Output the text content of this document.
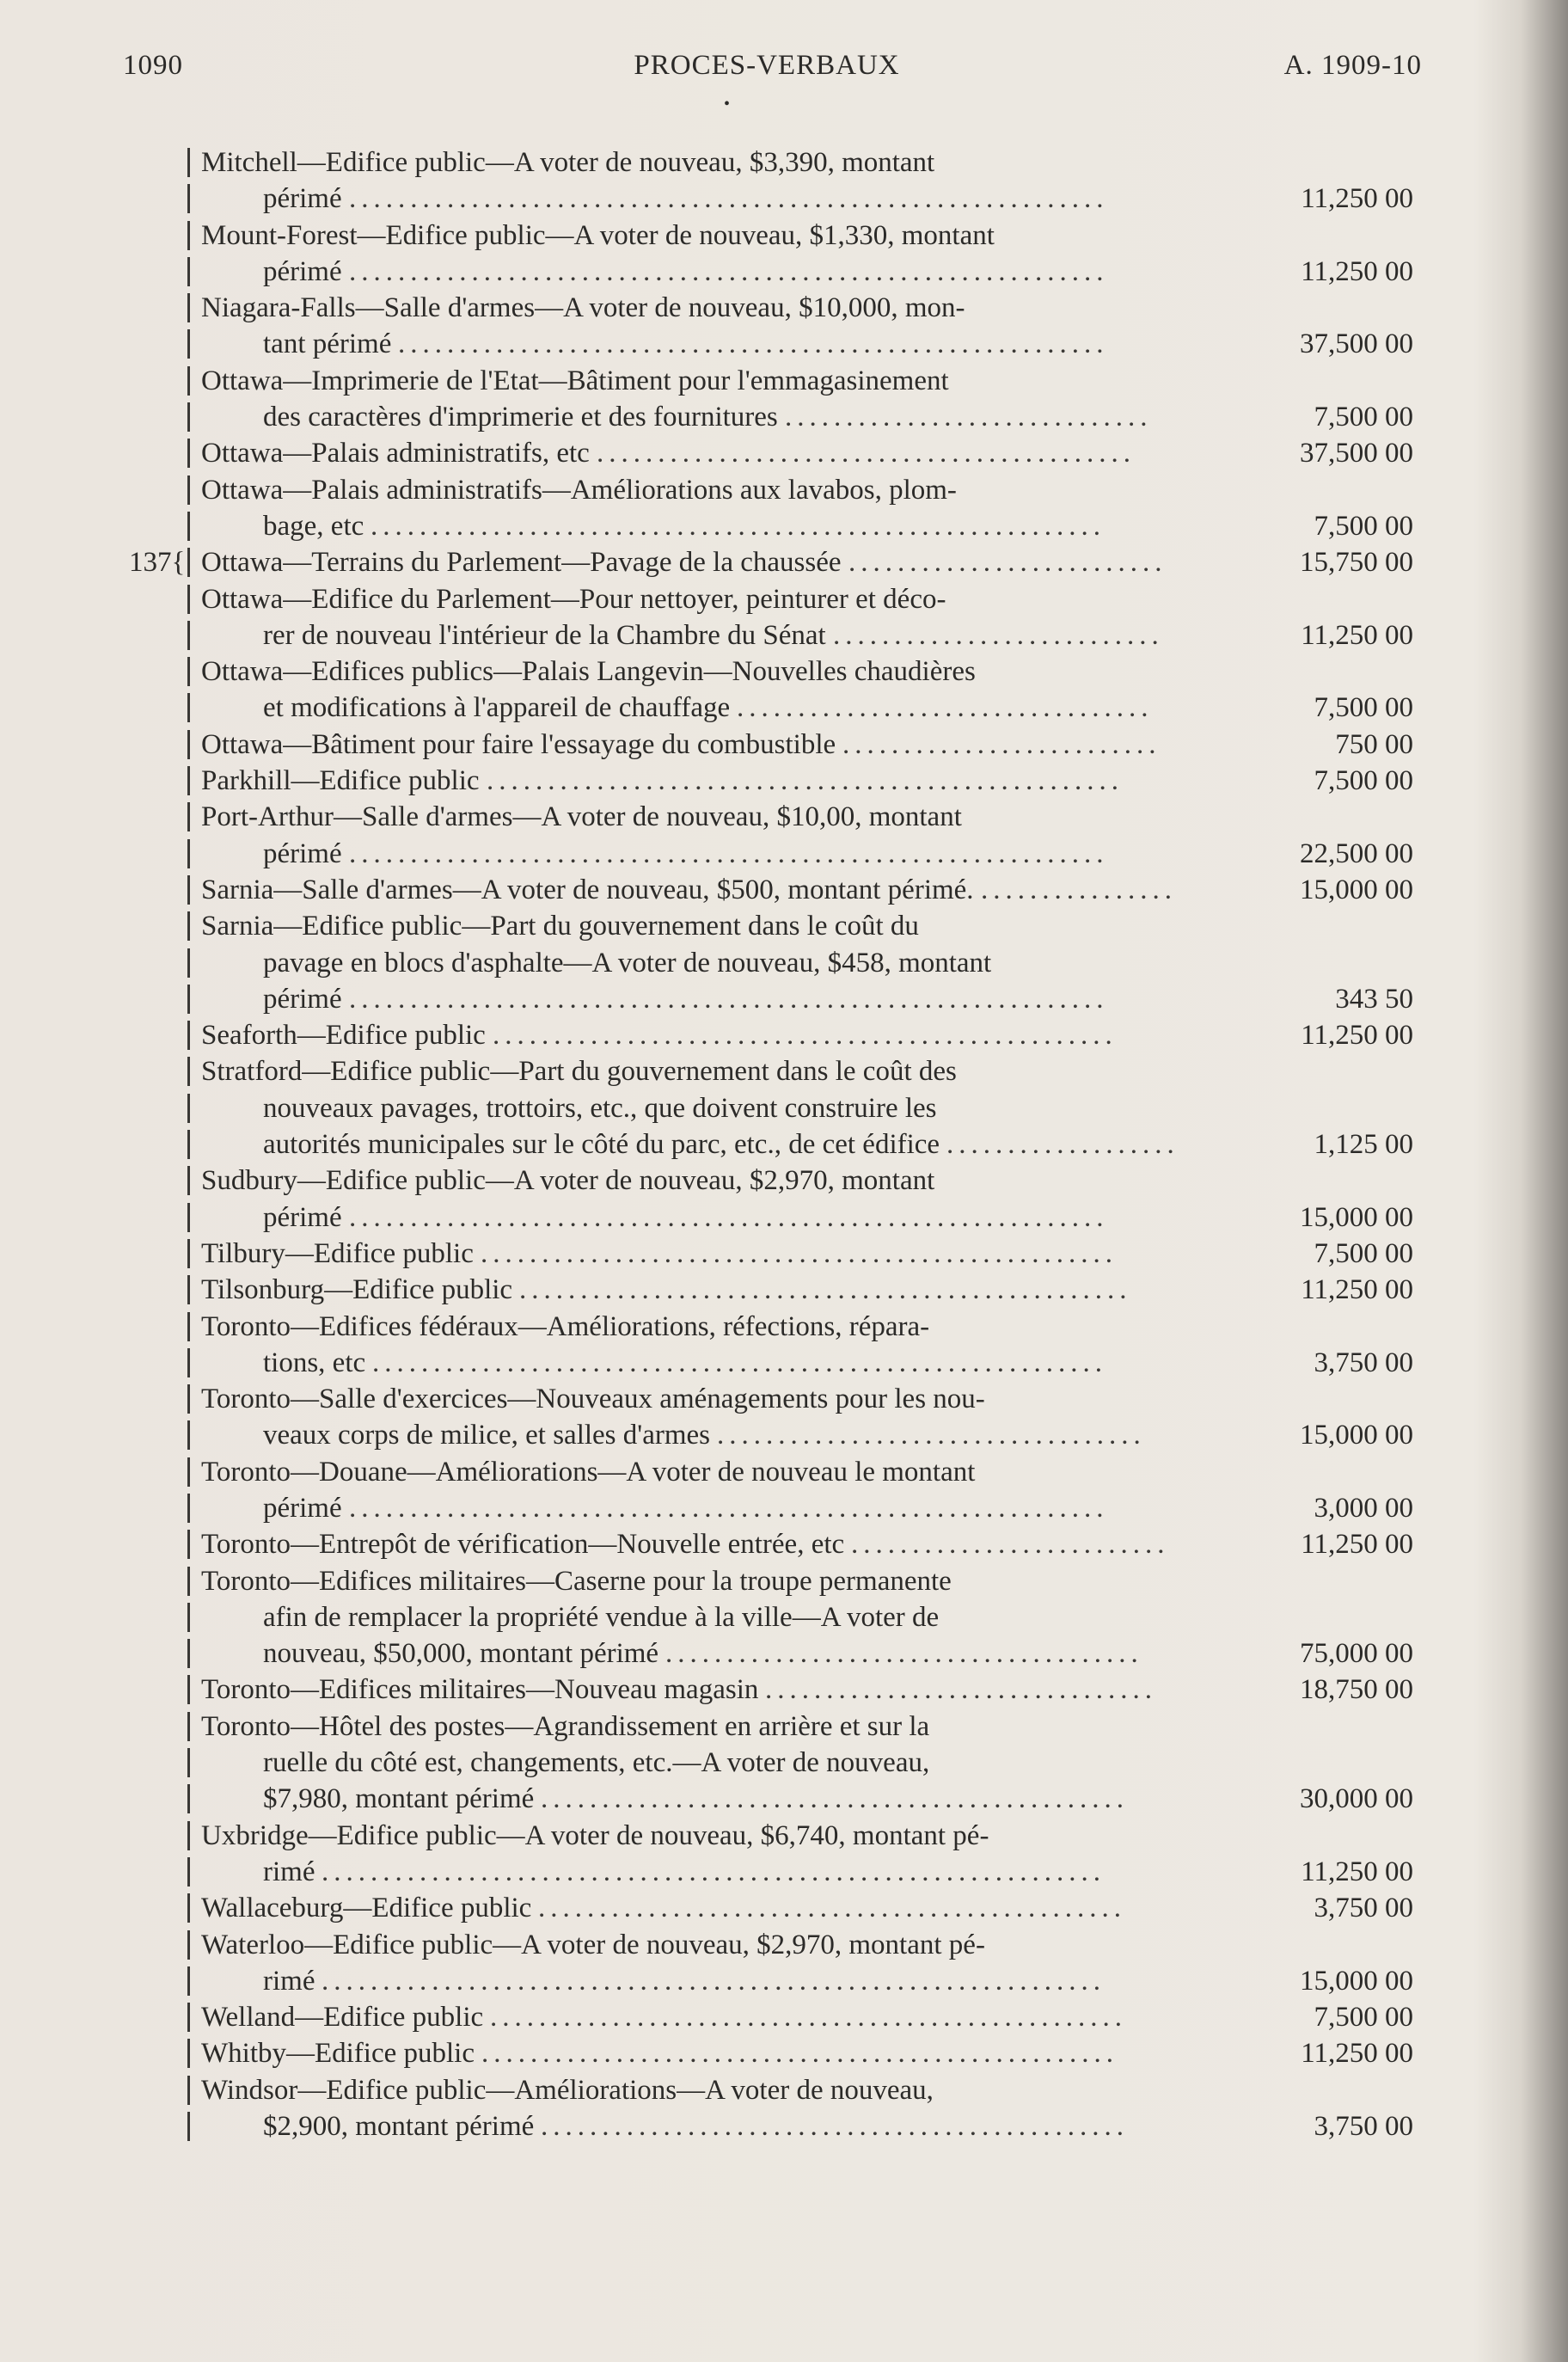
1090	PROCES-VERBAUX	A. 1909-10
•
Mitchell—Edifice public—A voter de nouveau, $3,390, montant
périmé ..............................................................	11,250 00
Mount-Forest—Edifice public—A voter de nouveau, $1,330, montant
périmé ..............................................................	11,250 00
Niagara-Falls—Salle d'armes—A voter de nouveau, $10,000, mon-
tant périmé ..........................................................	37,500 00
Ottawa—Imprimerie de l'Etat—Bâtiment pour l'emmagasinement
des caractères d'imprimerie et des fournitures ..............................	7,500 00
Ottawa—Palais administratifs, etc ............................................	37,500 00
Ottawa—Palais administratifs—Améliorations aux lavabos, plom-
bage, etc ............................................................	7,500 00
Ottawa—Terrains du Parlement—Pavage de la chaussée
137{	..........................	15,750 00
Ottawa—Edifice du Parlement—Pour nettoyer, peinturer et déco-
rer de nouveau l'intérieur de la Chambre du Sénat ...........................	11,250 00
Ottawa—Edifices publics—Palais Langevin—Nouvelles chaudières
et modifications à l'appareil de chauffage ..................................	7,500 00
Ottawa—Bâtiment pour faire l'essayage du combustible ..........................	750 00
Parkhill—Edifice public ....................................................	7,500 00
Port-Arthur—Salle d'armes—A voter de nouveau, $10,00, montant
périmé ..............................................................	22,500 00
Sarnia—Salle d'armes—A voter de nouveau, $500, montant périmé. ................	15,000 00
Sarnia—Edifice public—Part du gouvernement dans le coût du
pavage en blocs d'asphalte—A voter de nouveau, $458, montant
périmé ..............................................................	343 50
Seaforth—Edifice public ...................................................	11,250 00
Stratford—Edifice public—Part du gouvernement dans le coût des
nouveaux pavages, trottoirs, etc., que doivent construire les
autorités municipales sur le côté du parc, etc., de cet édifice ...................	1,125 00
Sudbury—Edifice public—A voter de nouveau, $2,970, montant
périmé ..............................................................	15,000 00
Tilbury—Edifice public ....................................................	7,500 00
Tilsonburg—Edifice public ..................................................	11,250 00
Toronto—Edifices fédéraux—Améliorations, réfections, répara-
tions, etc ............................................................	3,750 00
Toronto—Salle d'exercices—Nouveaux aménagements pour les nou-
veaux corps de milice, et salles d'armes ...................................	15,000 00
Toronto—Douane—Améliorations—A voter de nouveau le montant
périmé ..............................................................	3,000 00
Toronto—Entrepôt de vérification—Nouvelle entrée, etc ..........................	11,250 00
Toronto—Edifices militaires—Caserne pour la troupe permanente
afin de remplacer la propriété vendue à la ville—A voter de
nouveau, $50,000, montant périmé .......................................	75,000 00
Toronto—Edifices militaires—Nouveau magasin ................................	18,750 00
Toronto—Hôtel des postes—Agrandissement en arrière et sur la
ruelle du côté est, changements, etc.—A voter de nouveau,
$7,980, montant périmé ................................................	30,000 00
Uxbridge—Edifice public—A voter de nouveau, $6,740, montant pé-
rimé ................................................................	11,250 00
Wallaceburg—Edifice public ................................................	3,750 00
Waterloo—Edifice public—A voter de nouveau, $2,970, montant pé-
rimé ................................................................	15,000 00
Welland—Edifice public ....................................................	7,500 00
Whitby—Edifice public ....................................................	11,250 00
Windsor—Edifice public—Améliorations—A voter de nouveau,
$2,900, montant périmé ................................................	3,750 00
